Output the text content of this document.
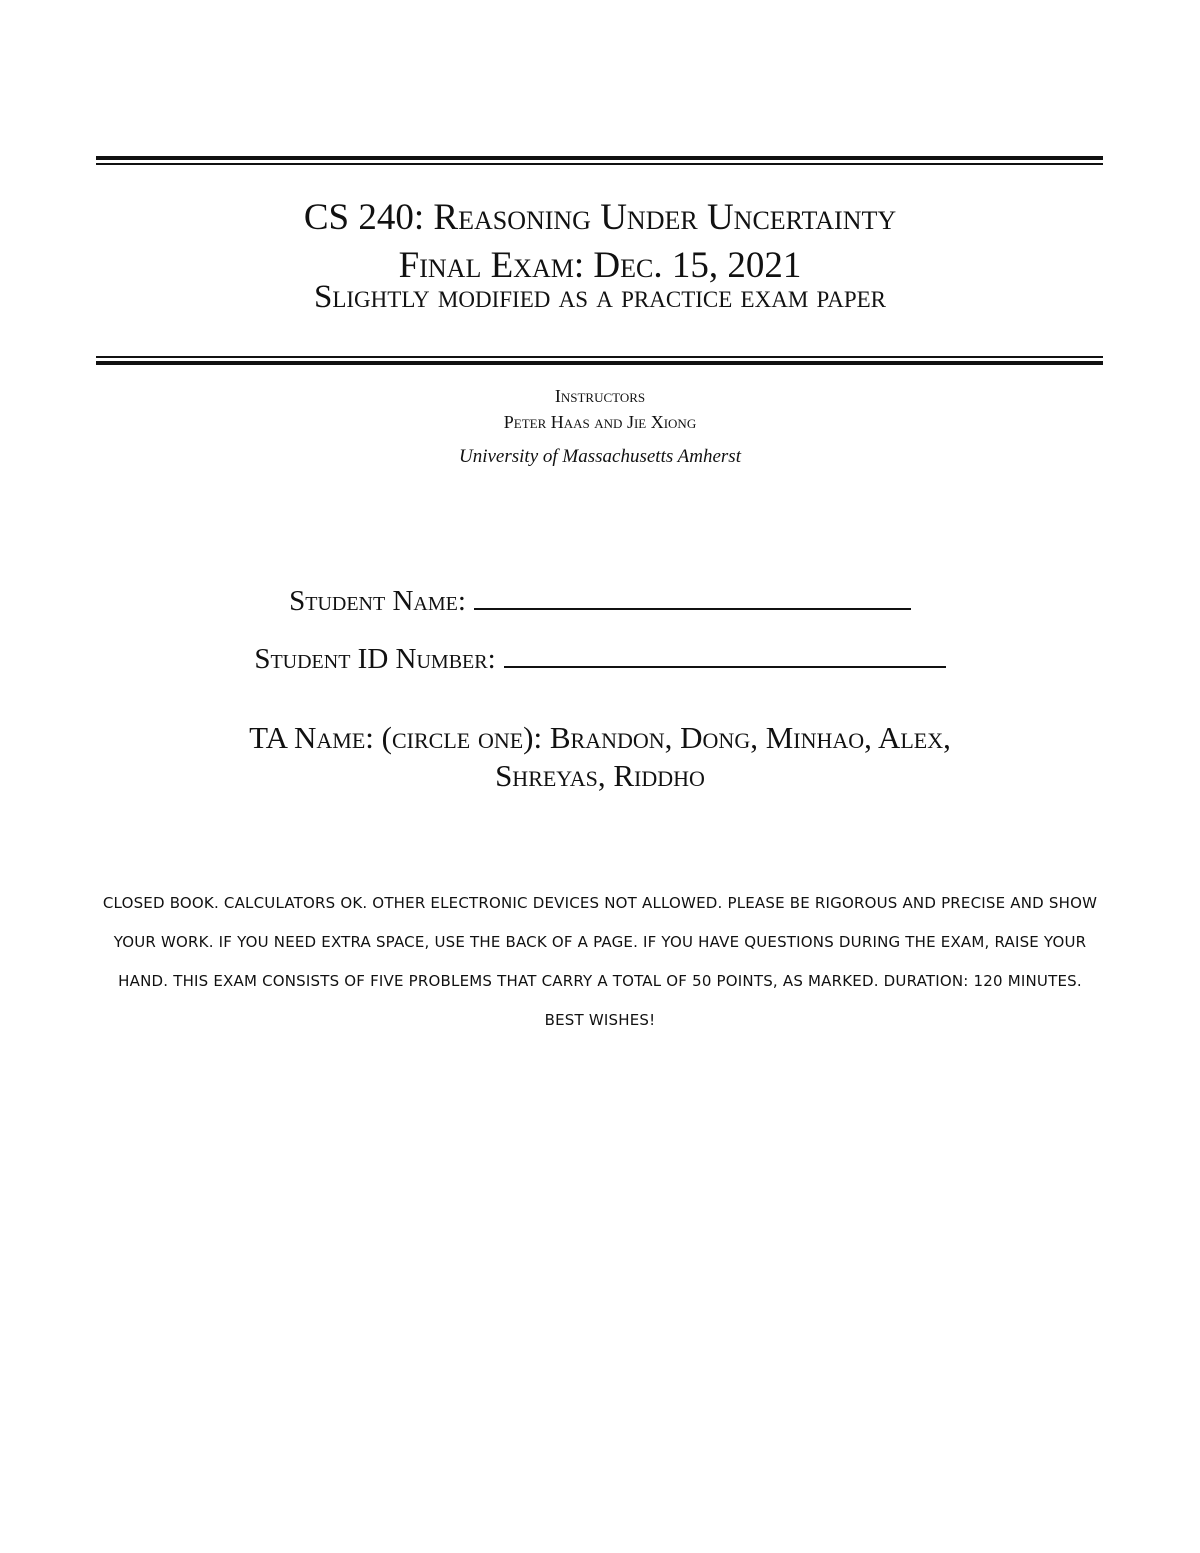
CS 240: Reasoning Under Uncertainty
Final Exam: Dec. 15, 2021
Slightly modified as a practice exam paper
Instructors
Peter Haas and Jie Xiong
University of Massachusetts Amherst
Student Name:
Student ID Number:
TA Name: (circle one): Brandon, Dong, Minhao, Alex,
Shreyas, Riddho
CLOSED BOOK. CALCULATORS OK. OTHER ELECTRONIC DEVICES NOT ALLOWED. PLEASE BE RIGOROUS AND PRECISE AND SHOW YOUR WORK. IF YOU NEED EXTRA SPACE, USE THE BACK OF A PAGE. IF YOU HAVE QUESTIONS DURING THE EXAM, RAISE YOUR HAND. THIS EXAM CONSISTS OF FIVE PROBLEMS THAT CARRY A TOTAL OF 50 POINTS, AS MARKED. DURATION: 120 MINUTES. BEST WISHES!
